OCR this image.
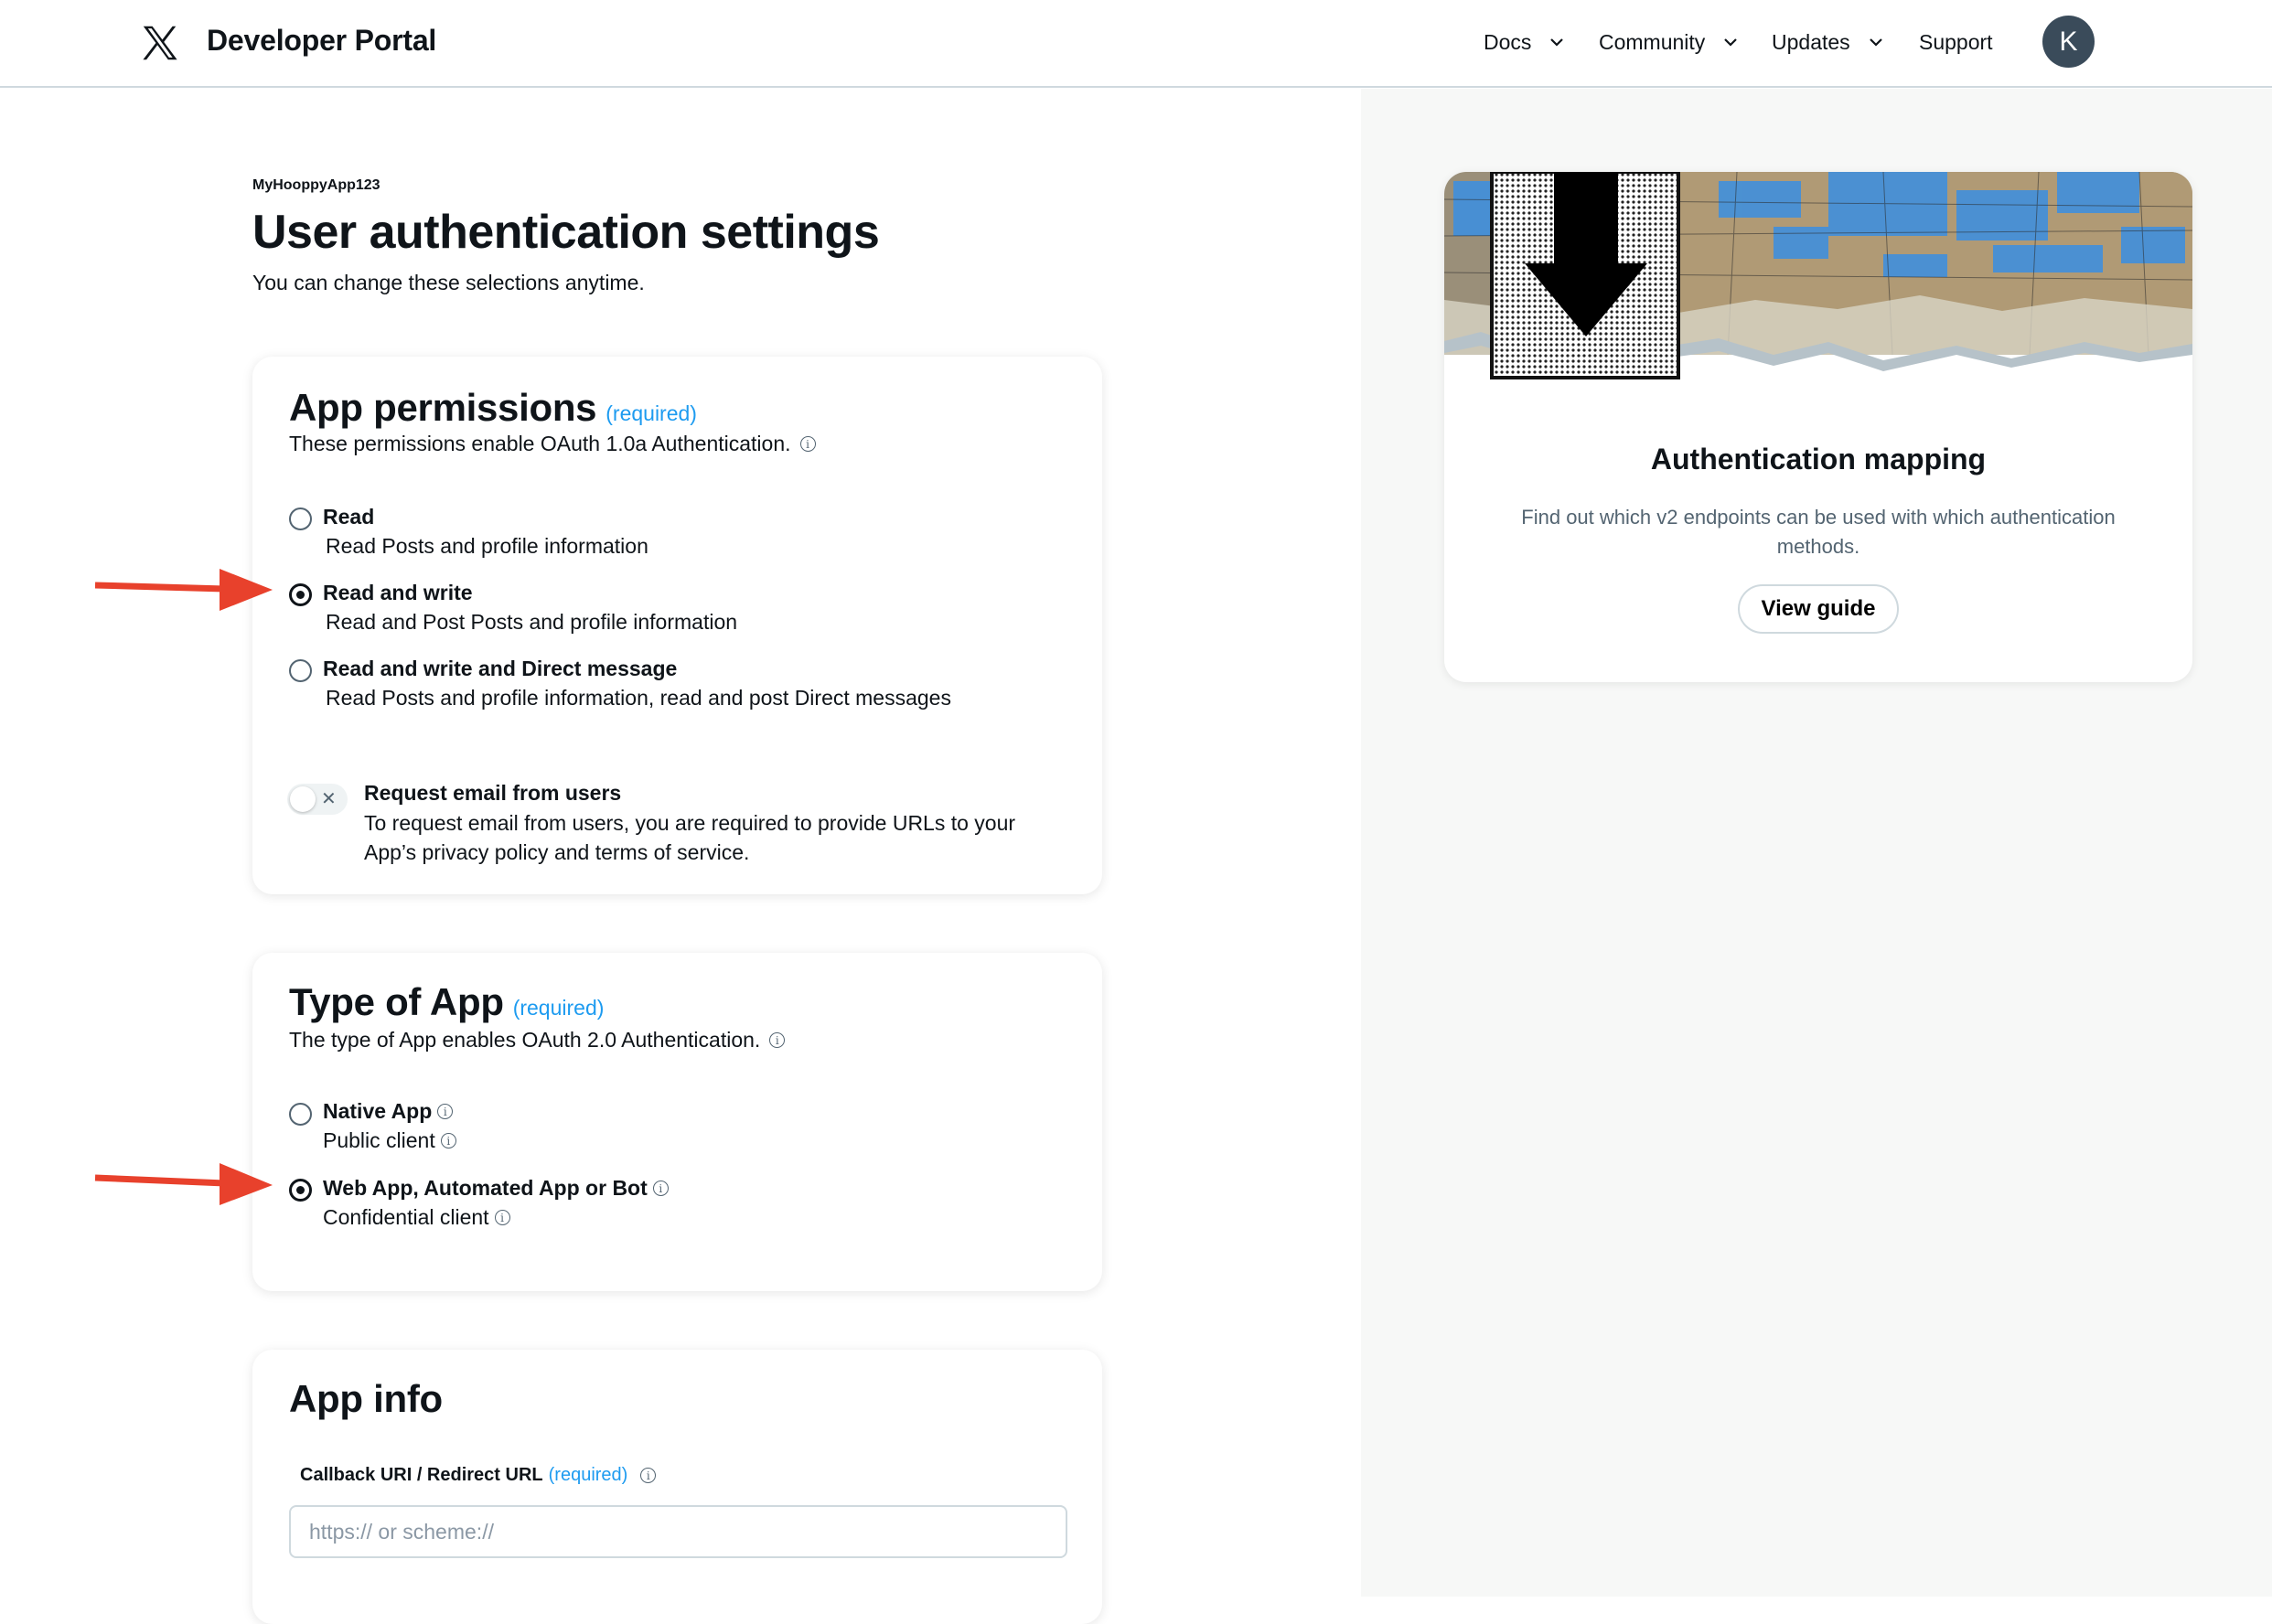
Developer Portal	Docs	Community	Updates	Support	K
Authentication mapping
Find out which v2 endpoints can be used with which authentication methods.
View guide
MyHooppyApp123
User authentication settings
You can change these selections anytime.
App permissions (required)
These permissions enable OAuth 1.0a Authentication.	i
Read
Read Posts and profile information
Read and write
Read and Post Posts and profile information
Read and write and Direct message
Read Posts and profile information, read and post Direct messages
✕ Request email from users
To request email from users, you are required to provide URLs to your App’s privacy policy and terms of service.
Type of App (required)
The type of App enables OAuth 2.0 Authentication.	i
Native App	i
Public client	i
Web App, Automated App or Bot	i
Confidential client	i
App info
Callback URI / Redirect URL (required)	i
https:// or scheme://
